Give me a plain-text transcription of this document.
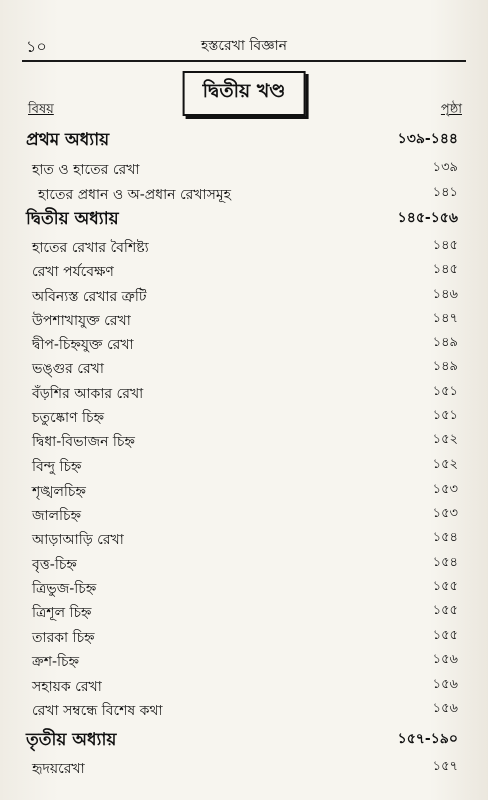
১০	হস্তরেখা বিজ্ঞান
দ্বিতীয় খণ্ড
বিষয়	পৃষ্ঠা
প্রথম অধ্যায়	১৩৯-১৪৪
হাত ও হাতের রেখা	১৩৯
হাতের প্রধান ও অ-প্রধান রেখাসমূহ	১৪১
দ্বিতীয় অধ্যায়	১৪৫-১৫৬
হাতের রেখার বৈশিষ্ট্য	১৪৫
রেখা পর্যবেক্ষণ	১৪৫
অবিন্যস্ত রেখার ত্রুটি	১৪৬
উপশাখাযুক্ত রেখা	১৪৭
দ্বীপ-চিহ্নযুক্ত রেখা	১৪৯
ভঙ্গুর রেখা	১৪৯
বঁড়শির আকার রেখা	১৫১
চতুষ্কোণ চিহ্ন	১৫১
দ্বিধা-বিভাজন চিহ্ন	১৫২
বিন্দু চিহ্ন	১৫২
শৃঙ্খলচিহ্ন	১৫৩
জালচিহ্ন	১৫৩
আড়াআড়ি রেখা	১৫৪
বৃত্ত-চিহ্ন	১৫৪
ত্রিভুজ-চিহ্ন	১৫৫
ত্রিশূল চিহ্ন	১৫৫
তারকা চিহ্ন	১৫৫
ক্রশ-চিহ্ন	১৫৬
সহায়ক রেখা	১৫৬
রেখা সম্বন্ধে বিশেষ কথা	১৫৬
তৃতীয় অধ্যায়	১৫৭-১৯০
হৃদয়রেখা	১৫৭
